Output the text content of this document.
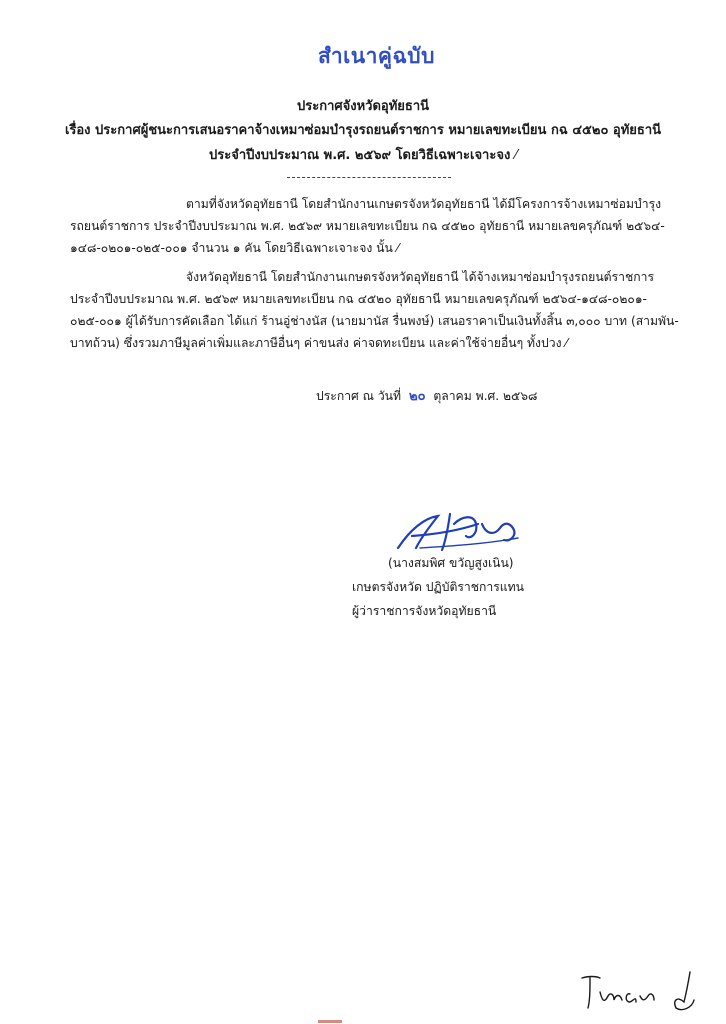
สำเนาคู่ฉบับ
ประกาศจังหวัดอุทัยธานี
เรื่อง ประกาศผู้ชนะการเสนอราคาจ้างเหมาซ่อมบำรุงรถยนต์ราชการ หมายเลขทะเบียน กฉ ๔๕๒๐ อุทัยธานี
ประจำปีงบประมาณ พ.ศ. ๒๕๖๙ โดยวิธีเฉพาะเจาะจง ⁄

ตามที่จังหวัดอุทัยธานี โดยสำนักงานเกษตรจังหวัดอุทัยธานี ได้มีโครงการจ้างเหมาซ่อมบำรุง

รถยนต์ราชการ ประจำปีงบประมาณ พ.ศ. ๒๕๖๙ หมายเลขทะเบียน กฉ ๔๕๒๐ อุทัยธานี หมายเลขครุภัณฑ์ ๒๕๖๔-

๑๔๘-๐๒๐๑-๐๒๕-๐๐๑ จำนวน ๑ คัน โดยวิธีเฉพาะเจาะจง นั้น ⁄

จังหวัดอุทัยธานี โดยสำนักงานเกษตรจังหวัดอุทัยธานี ได้จ้างเหมาซ่อมบำรุงรถยนต์ราชการ

ประจำปีงบประมาณ พ.ศ. ๒๕๖๙ หมายเลขทะเบียน กฉ ๔๕๒๐ อุทัยธานี หมายเลขครุภัณฑ์ ๒๕๖๔-๑๔๘-๐๒๐๑-

๐๒๕-๐๐๑ ผู้ได้รับการคัดเลือก ได้แก่ ร้านอู่ช่างนัส (นายมานัส รื่นพงษ์) เสนอราคาเป็นเงินทั้งสิ้น ๓,๐๐๐ บาท (สามพัน-

บาทถ้วน) ซึ่งรวมภาษีมูลค่าเพิ่มและภาษีอื่นๆ ค่าขนส่ง ค่าจดทะเบียน และค่าใช้จ่ายอื่นๆ ทั้งปวง ⁄

ประกาศ ณ วันที่ ๒๐ ตุลาคม พ.ศ. ๒๕๖๘
(นางสมพิศ ขวัญสูงเนิน)
เกษตรจังหวัด ปฏิบัติราชการแทน
ผู้ว่าราชการจังหวัดอุทัยธานี
